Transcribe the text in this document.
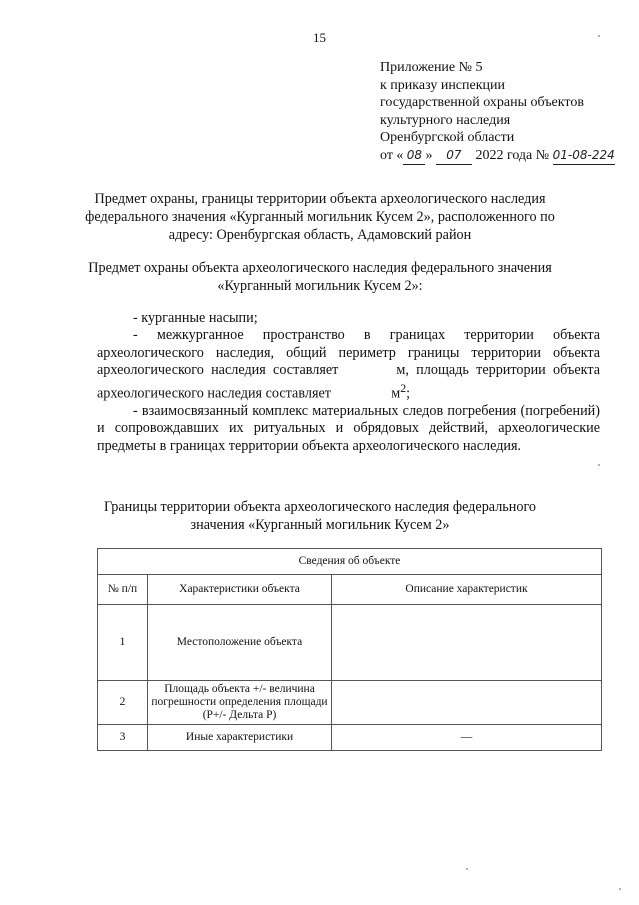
15
Приложение № 5
к приказу инспекции
государственной охраны объектов
культурного наследия
Оренбургской области
от « 08 » 07 2022 года № 01-08-224
Предмет охраны, границы территории объекта археологического наследия федерального значения «Курганный могильник Кусем 2», расположенного по адресу: Оренбургская область, Адамовский район
Предмет охраны объекта археологического наследия федерального значения «Курганный могильник Кусем 2»:

- курганные насыпи;

- межкурганное пространство в границах территории объекта археологического наследия, общий периметр границы территории объекта археологического наследия составляет	м, площадь территории объекта археологического наследия составляет	$м^2$;

- взаимосвязанный комплекс материальных следов погребения (погребений) и сопровождавших их ритуальных и обрядовых действий, археологические предметы в границах территории объекта археологического наследия.

Границы территории объекта археологического наследия федерального значения «Курганный могильник Кусем 2»
Сведения об объекте		
№ п/п	Характеристики объекта	Описание характеристик
1	Местоположение объекта	
2	Площадь объекта +/- величина погрешности определения площади (Р+/- Дельта Р)	
3	Иные характеристики	—
